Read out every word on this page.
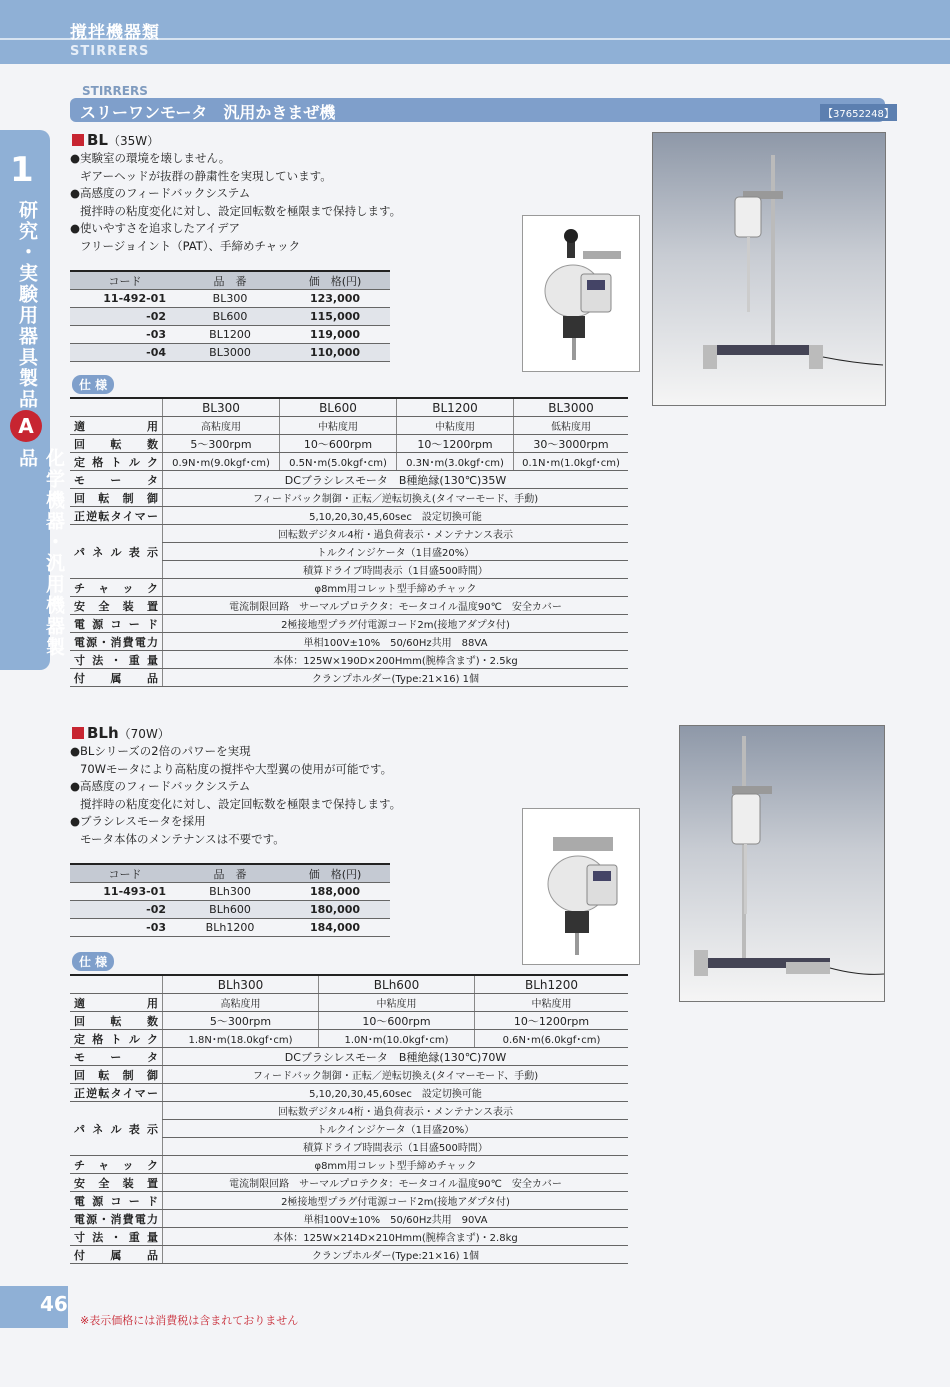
撹拌機器類
STIRRERS
研究・実験用器具製品
化学機器・汎用機器製品
1
A
STIRRERS
スリーワンモータ　汎用かきまぜ機	【37652248】
BL（35W）
●実験室の環境を壊しません。
ギアーヘッドが抜群の静粛性を実現しています。
●高感度のフィードバックシステム
撹拌時の粘度変化に対し、設定回転数を極限まで保持します。
●使いやすさを追求したアイデア
フリージョイント（PAT）、手締めチャック
コード	品　番	価　格(円)
11-492-01	BL300	123,000
-02	BL600	115,000
-03	BL1200	119,000
-04	BL3000	110,000
仕 様
	BL300	BL600	BL1200	BL3000
適用	高粘度用	中粘度用	中粘度用	低粘度用
回転数	5～300rpm	10～600rpm	10～1200rpm	30～3000rpm
定格トルク	0.9N･m(9.0kgf･cm)	0.5N･m(5.0kgf･cm)	0.3N･m(3.0kgf･cm)	0.1N･m(1.0kgf･cm)
モータ	DCブラシレスモータ　B種絶縁(130℃)35W			
回転制御	フィードバック制御・正転／逆転切換え(タイマーモード、手動)			
正逆転タイマー	5,10,20,30,45,60sec　設定切換可能			
パネル表示	回転数デジタル4桁・過負荷表示・メンテナンス表示			
	トルクインジケータ（1目盛20%）			
	積算ドライブ時間表示（1目盛500時間）			
チャック	φ8mm用コレット型手締めチャック			
安全装置	電流制限回路　サーマルプロテクタ：モータコイル温度90℃　安全カバー			
電源コード	2極接地型プラグ付電源コード2m(接地アダプタ付)			
電源・消費電力	単相100V±10%　50/60Hz共用　88VA			
寸法・重量	本体：125W×190D×200Hmm(腕棒含まず)・2.5kg			
付属品	クランプホルダー(Type:21×16) 1個			
BLh（70W）
●BLシリーズの2倍のパワーを実現
70Wモータにより高粘度の撹拌や大型翼の使用が可能です。
●高感度のフィードバックシステム
撹拌時の粘度変化に対し、設定回転数を極限まで保持します。
●ブラシレスモータを採用
モータ本体のメンテナンスは不要です。
コード	品　番	価　格(円)
11-493-01	BLh300	188,000
-02	BLh600	180,000
-03	BLh1200	184,000
仕 様
	BLh300	BLh600	BLh1200
適用	高粘度用	中粘度用	中粘度用
回転数	5～300rpm	10～600rpm	10～1200rpm
定格トルク	1.8N･m(18.0kgf･cm)	1.0N･m(10.0kgf･cm)	0.6N･m(6.0kgf･cm)
モータ	DCブラシレスモータ　B種絶縁(130℃)70W		
回転制御	フィードバック制御・正転／逆転切換え(タイマーモード、手動)		
正逆転タイマー	5,10,20,30,45,60sec　設定切換可能		
パネル表示	回転数デジタル4桁・過負荷表示・メンテナンス表示		
	トルクインジケータ（1目盛20%）		
	積算ドライブ時間表示（1目盛500時間）		
チャック	φ8mm用コレット型手締めチャック		
安全装置	電流制限回路　サーマルプロテクタ：モータコイル温度90℃　安全カバー		
電源コード	2極接地型プラグ付電源コード2m(接地アダプタ付)		
電源・消費電力	単相100V±10%　50/60Hz共用　90VA		
寸法・重量	本体：125W×214D×210Hmm(腕棒含まず)・2.8kg		
付属品	クランプホルダー(Type:21×16) 1個		
46
※表示価格には消費税は含まれておりません
